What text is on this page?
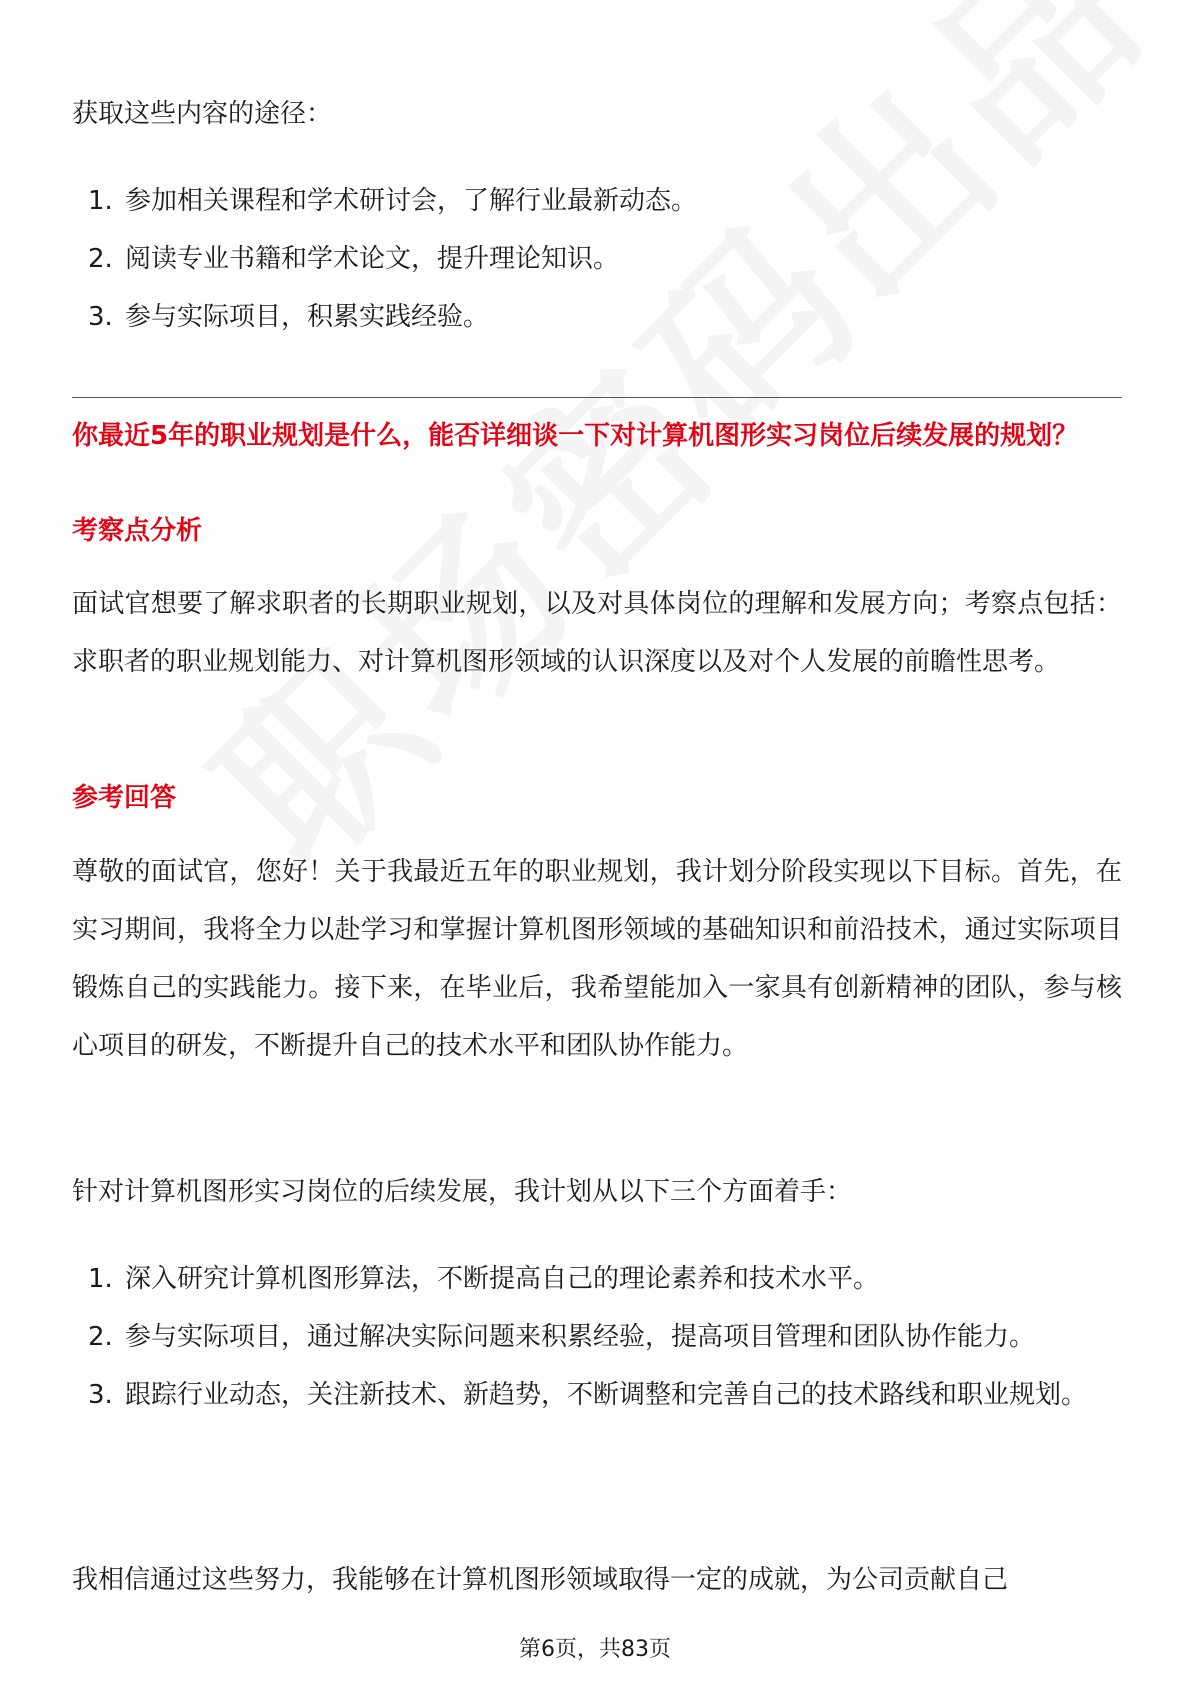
获取这些内容的途径：

1. 参加相关课程和学术研讨会，了解行业最新动态。
2. 阅读专业书籍和学术论文，提升理论知识。
3. 参与实际项目，积累实践经验。

你最近5年的职业规划是什么，能否详细谈一下对计算机图形实习岗位后续发展的规划？

考察点分析

面试官想要了解求职者的长期职业规划，以及对具体岗位的理解和发展方向；考察点包括：求职者的职业规划能力、对计算机图形领域的认识深度以及对个人发展的前瞻性思考。

参考回答

尊敬的面试官，您好！关于我最近五年的职业规划，我计划分阶段实现以下目标。首先，在实习期间，我将全力以赴学习和掌握计算机图形领域的基础知识和前沿技术，通过实际项目锻炼自己的实践能力。接下来，在毕业后，我希望能加入一家具有创新精神的团队，参与核心项目的研发，不断提升自己的技术水平和团队协作能力。

针对计算机图形实习岗位的后续发展，我计划从以下三个方面着手：

1. 深入研究计算机图形算法，不断提高自己的理论素养和技术水平。
2. 参与实际项目，通过解决实际问题来积累经验，提高项目管理和团队协作能力。
3. 跟踪行业动态，关注新技术、新趋势，不断调整和完善自己的技术路线和职业规划。

我相信通过这些努力，我能够在计算机图形领域取得一定的成就，为公司贡献自己

第6页，共83页
